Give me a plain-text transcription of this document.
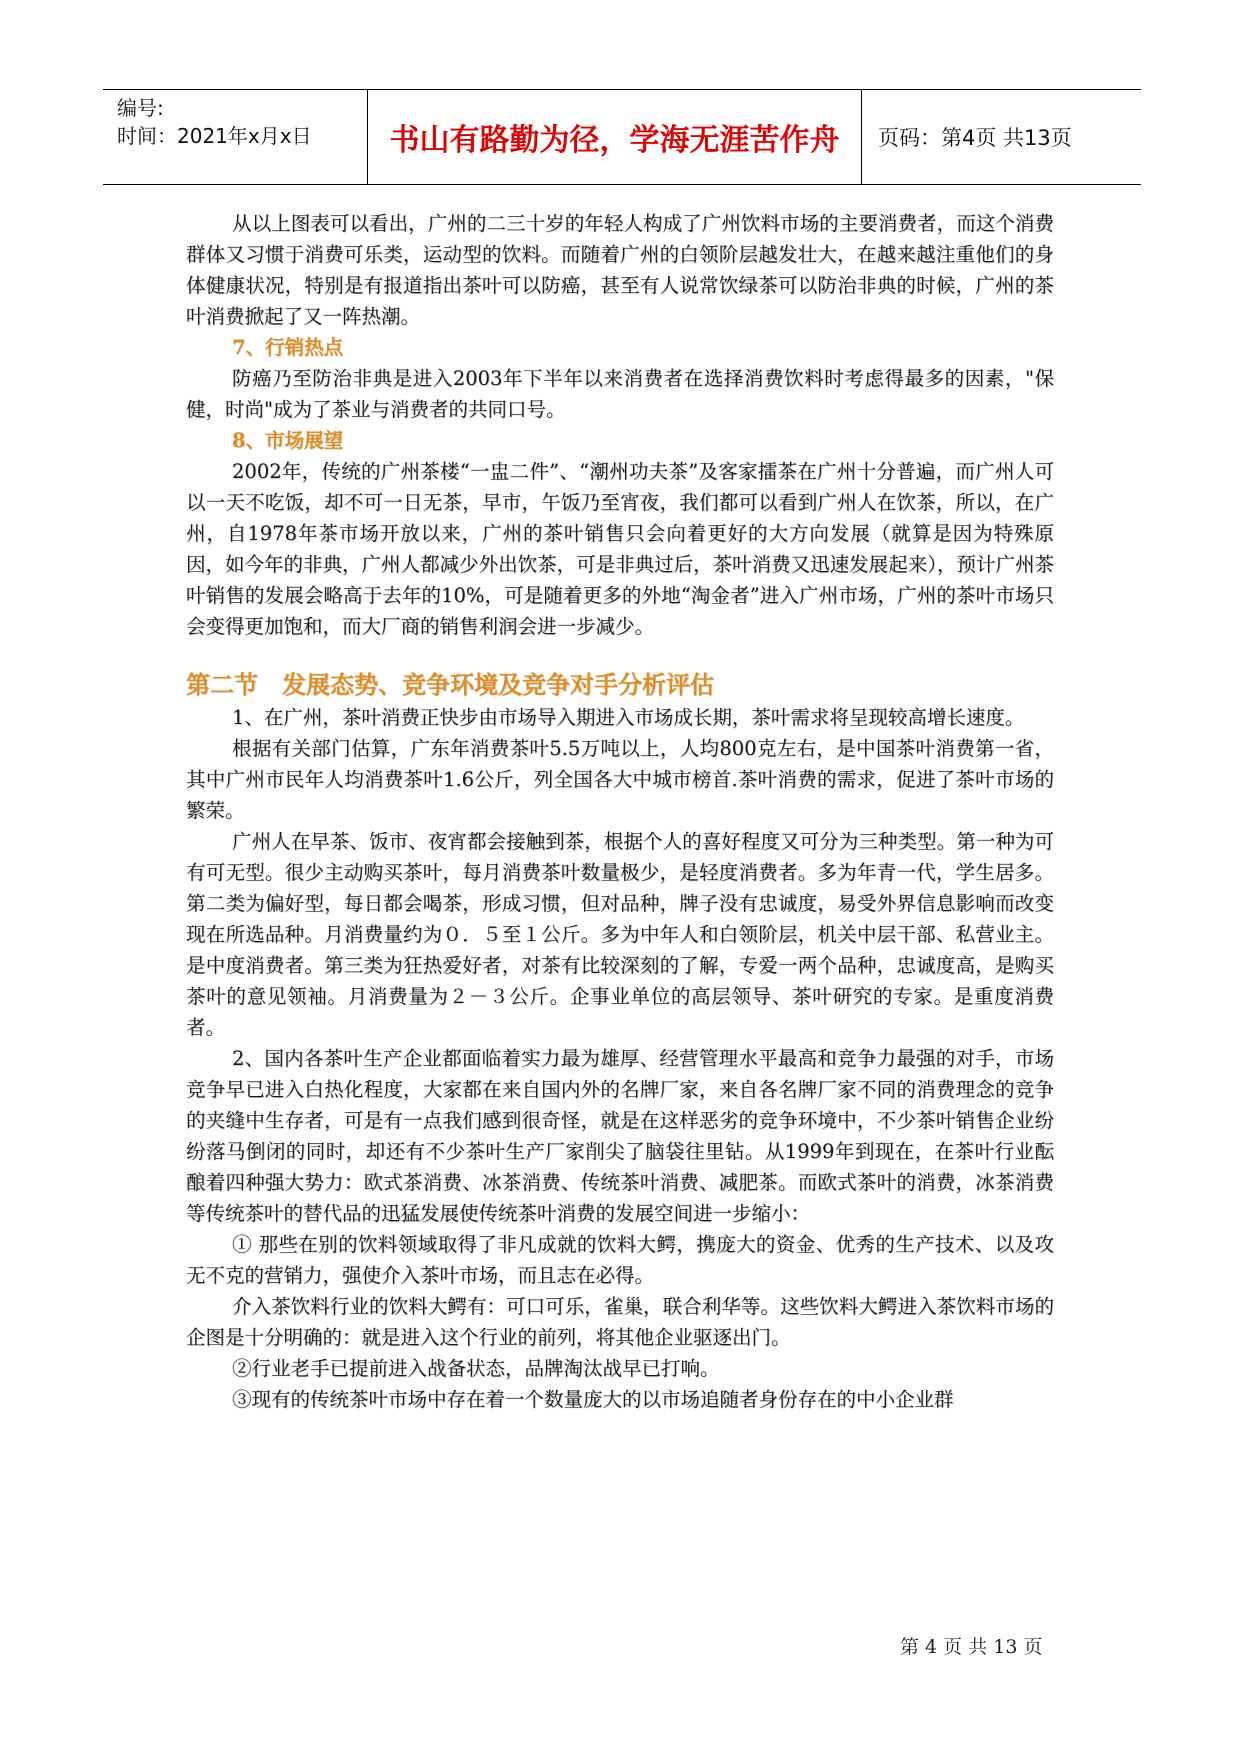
编号:
时间：2021年x月x日	书山有路勤为径，学海无涯苦作舟	页码：第4页 共13页

从以上图表可以看出，广州的二三十岁的年轻人构成了广州饮料市场的主要消费者，而这个消费群体又习惯于消费可乐类，运动型的饮料。而随着广州的白领阶层越发壮大，在越来越注重他们的身体健康状况，特别是有报道指出茶叶可以防癌，甚至有人说常饮绿茶可以防治非典的时候，广州的茶叶消费掀起了又一阵热潮。

7、行销热点

防癌乃至防治非典是进入2003年下半年以来消费者在选择消费饮料时考虑得最多的因素，"保健，时尚"成为了茶业与消费者的共同口号。

8、市场展望

2002年，传统的广州茶楼“一盅二件”、“潮州功夫茶”及客家擂茶在广州十分普遍，而广州人可以一天不吃饭，却不可一日无茶，早市，午饭乃至宵夜，我们都可以看到广州人在饮茶，所以，在广州，自1978年茶市场开放以来，广州的茶叶销售只会向着更好的大方向发展（就算是因为特殊原因，如今年的非典，广州人都减少外出饮茶，可是非典过后，茶叶消费又迅速发展起来），预计广州茶叶销售的发展会略高于去年的10%，可是随着更多的外地“淘金者”进入广州市场，广州的茶叶市场只会变得更加饱和，而大厂商的销售利润会进一步减少。

第二节　发展态势、竞争环境及竞争对手分析评估

1、在广州，茶叶消费正快步由市场导入期进入市场成长期，茶叶需求将呈现较高增长速度。

根据有关部门估算，广东年消费茶叶5.5万吨以上，人均800克左右，是中国茶叶消费第一省，其中广州市民年人均消费茶叶1.6公斤，列全国各大中城市榜首.茶叶消费的需求，促进了茶叶市场的繁荣。

广州人在早茶、饭市、夜宵都会接触到茶，根据个人的喜好程度又可分为三种类型。第一种为可有可无型。很少主动购买茶叶，每月消费茶叶数量极少，是轻度消费者。多为年青一代，学生居多。第二类为偏好型，每日都会喝茶，形成习惯，但对品种，牌子没有忠诚度，易受外界信息影响而改变现在所选品种。月消费量约为０．５至１公斤。多为中年人和白领阶层，机关中层干部、私营业主。是中度消费者。第三类为狂热爱好者，对茶有比较深刻的了解，专爱一两个品种，忠诚度高，是购买茶叶的意见领袖。月消费量为２－３公斤。企事业单位的高层领导、茶叶研究的专家。是重度消费者。

2、国内各茶叶生产企业都面临着实力最为雄厚、经营管理水平最高和竞争力最强的对手，市场竞争早已进入白热化程度，大家都在来自国内外的名牌厂家，来自各名牌厂家不同的消费理念的竞争的夹缝中生存者，可是有一点我们感到很奇怪，就是在这样恶劣的竞争环境中，不少茶叶销售企业纷纷落马倒闭的同时，却还有不少茶叶生产厂家削尖了脑袋往里钻。从1999年到现在，在茶叶行业酝酿着四种强大势力：欧式茶消费、冰茶消费、传统茶叶消费、减肥茶。而欧式茶叶的消费，冰茶消费等传统茶叶的替代品的迅猛发展使传统茶叶消费的发展空间进一步缩小：

① 那些在别的饮料领域取得了非凡成就的饮料大鳄，携庞大的资金、优秀的生产技术、以及攻无不克的营销力，强使介入茶叶市场，而且志在必得。

介入茶饮料行业的饮料大鳄有：可口可乐，雀巢，联合利华等。这些饮料大鳄进入茶饮料市场的企图是十分明确的：就是进入这个行业的前列，将其他企业驱逐出门。

②行业老手已提前进入战备状态，品牌淘汰战早已打响。

③现有的传统茶叶市场中存在着一个数量庞大的以市场追随者身份存在的中小企业群

第 4 页 共 13 页
